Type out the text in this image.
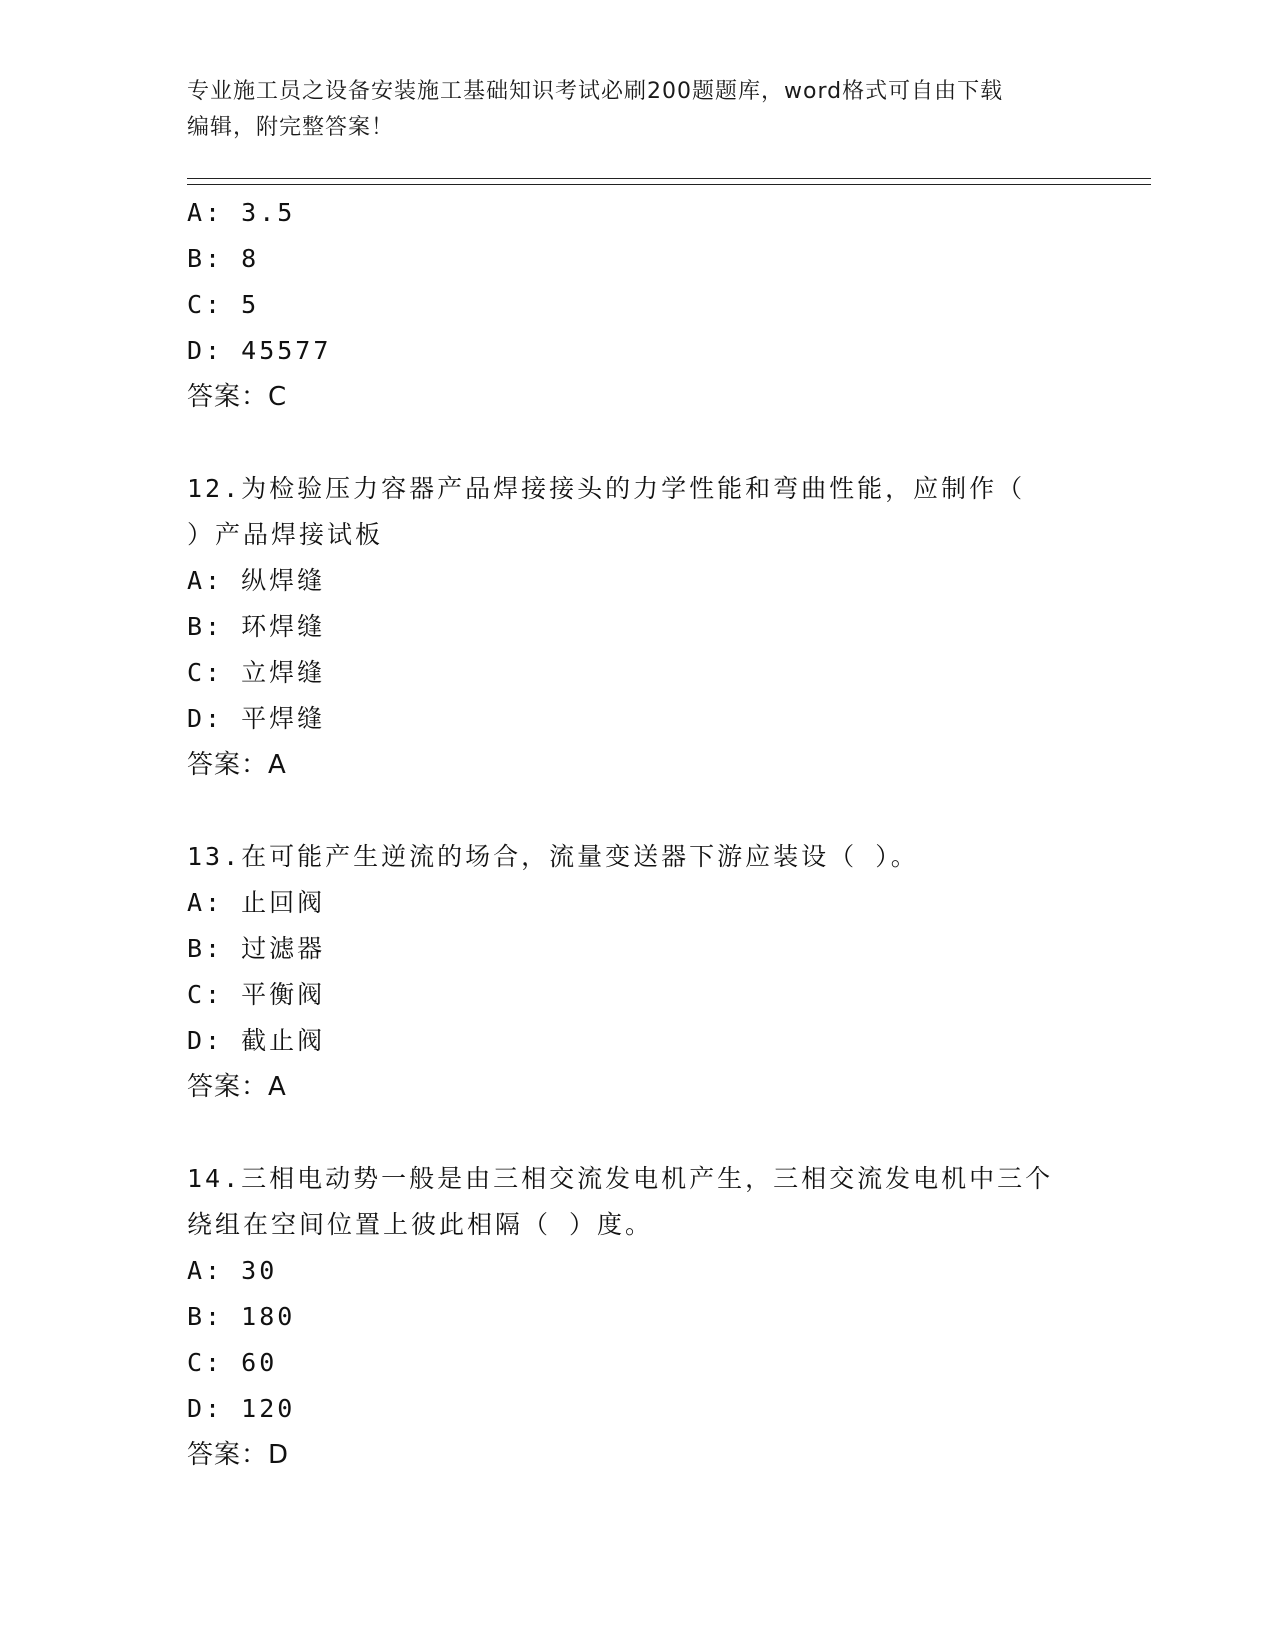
专业施工员之设备安装施工基础知识考试必刷200题题库，word格式可自由下载
编辑，附完整答案！
A: 3.5
B: 8
C: 5
D: 45577
答案：C
12.为检验压力容器产品焊接接头的力学性能和弯曲性能，应制作（
）产品焊接试板
A: 纵焊缝
B: 环焊缝
C: 立焊缝
D: 平焊缝
答案：A
13.在可能产生逆流的场合，流量变送器下游应装设（ ）。
A: 止回阀
B: 过滤器
C: 平衡阀
D: 截止阀
答案：A
14.三相电动势一般是由三相交流发电机产生，三相交流发电机中三个
绕组在空间位置上彼此相隔（ ）度。
A: 30
B: 180
C: 60
D: 120
答案：D
